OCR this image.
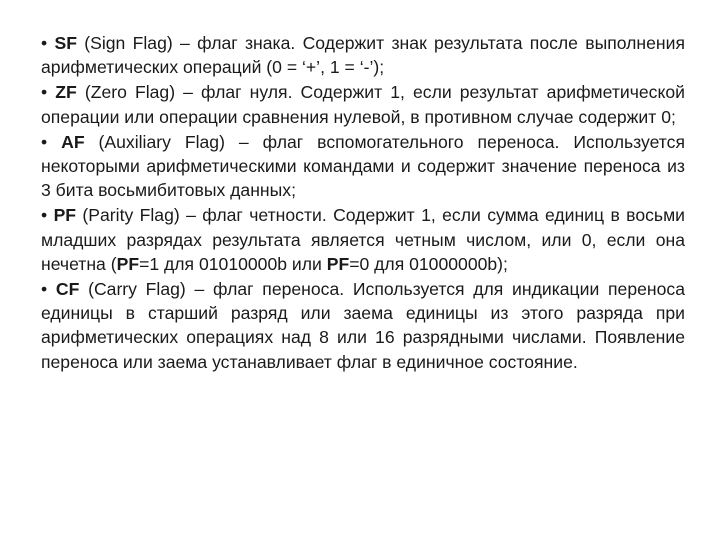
• SF (Sign Flag) – флаг знака. Содержит знак результата после выполнения арифметических операций (0 = ‘+’, 1 = ‘-’);

• ZF (Zero Flag) – флаг нуля. Содержит 1, если результат арифметической операции или операции сравнения нулевой, в противном случае содержит 0;

• AF (Auxiliary Flag) – флаг вспомогательного переноса. Используется некоторыми арифметическими командами и содержит значение переноса из 3 бита восьмибитовых данных;

• PF (Parity Flag) – флаг четности. Содержит 1, если сумма единиц в восьми младших разрядах результата является четным числом, или 0, если она нечетна (PF=1 для 01010000b или PF=0 для 01000000b);

• CF (Carry Flag) – флаг переноса. Используется для индикации переноса единицы в старший разряд или заема единицы из этого разряда при арифметических операциях над 8 или 16 разрядными числами. Появление переноса или заема устанавливает флаг в единичное состояние.
